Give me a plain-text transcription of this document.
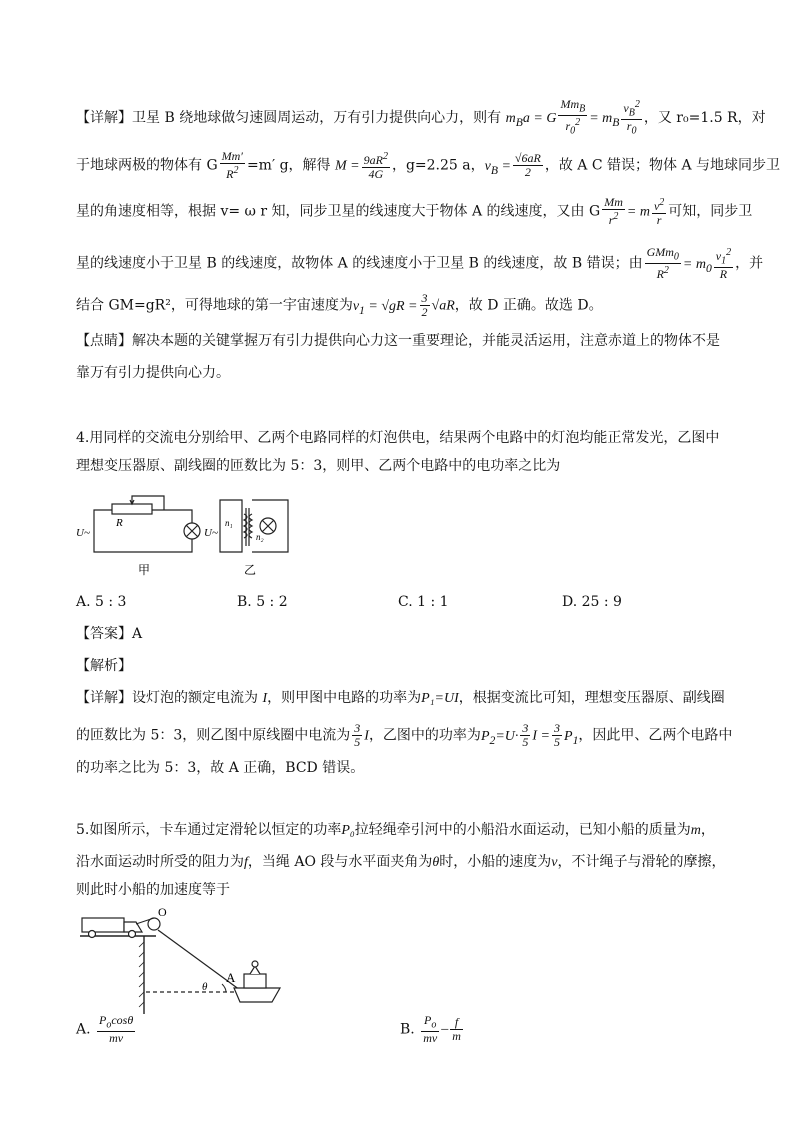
【详解】卫星 B 绕地球做匀速圆周运动，万有引力提供向心力，则有 $m_Ba = G \frac{Mm_B}{r_0^2} = m_B \frac{v_B^2}{r_0}$ ，又 r₀=1.5 R，对
于地球两极的物体有 G $\frac{Mm'}{R^2} =m'$ g，解得 $M = \frac{9aR^2}{4G}$ ，g=2.25 a，$v_B = \frac{√6aR}{2}$ ，故 A C 错误；物体 A 与地球同步卫
星的角速度相等，根据 v= ω r 知，同步卫星的线速度大于物体 A 的线速度，又由 G $\frac{Mm}{r^2} = m \frac{v^2}{r}$ 可知，同步卫
星的线速度小于卫星 B 的线速度，故物体 A 的线速度小于卫星 B 的线速度，故 B 错误；由 $\frac{GMm_0}{R^2} = m_0 \frac{v_1^2}{R}$ ，并
结合 GM=gR²，可得地球的第一宇宙速度为$v_1 = √gR = \frac{3}{2} √aR$，故 D 正确。故选 D。
【点睛】解决本题的关键掌握万有引力提供向心力这一重要理论，并能灵活运用，注意赤道上的物体不是
靠万有引力提供向心力。
4.用同样的交流电分别给甲、乙两个电路同样的灯泡供电，结果两个电路中的灯泡均能正常发光，乙图中
理想变压器原、副线圈的匝数比为 5：3，则甲、乙两个电路中的电功率之比为
U~
R
甲
U~
n₁
n₂
乙
A. 5 : 3	B. 5 : 2	C. 1 : 1	D. 25 : 9
【答案】A
【解析】
【详解】设灯泡的额定电流为 I，则甲图中电路的功率为P₁=UI，根据变流比可知，理想变压器原、副线圈
的匝数比为 5：3，则乙图中原线圈中电流为 $\frac{3}{5}$ I，乙图中的功率为$P_2=U\cdot \frac{3}{5}$ $I = \frac{3}{5} P_1$，因此甲、乙两个电路中
的功率之比为 5：3，故 A 正确，BCD 错误。
5.如图所示，卡车通过定滑轮以恒定的功率P₀拉轻绳牵引河中的小船沿水面运动，已知小船的质量为m，
沿水面运动时所受的阻力为f，当绳 AO 段与水平面夹角为θ时，小船的速度为v，不计绳子与滑轮的摩擦，
则此时小船的加速度等于
O
A
θ
A. $\frac{P_o\cos\theta}{mv}$	B. $\frac{P_o}{mv} - \frac{f}{m}$
